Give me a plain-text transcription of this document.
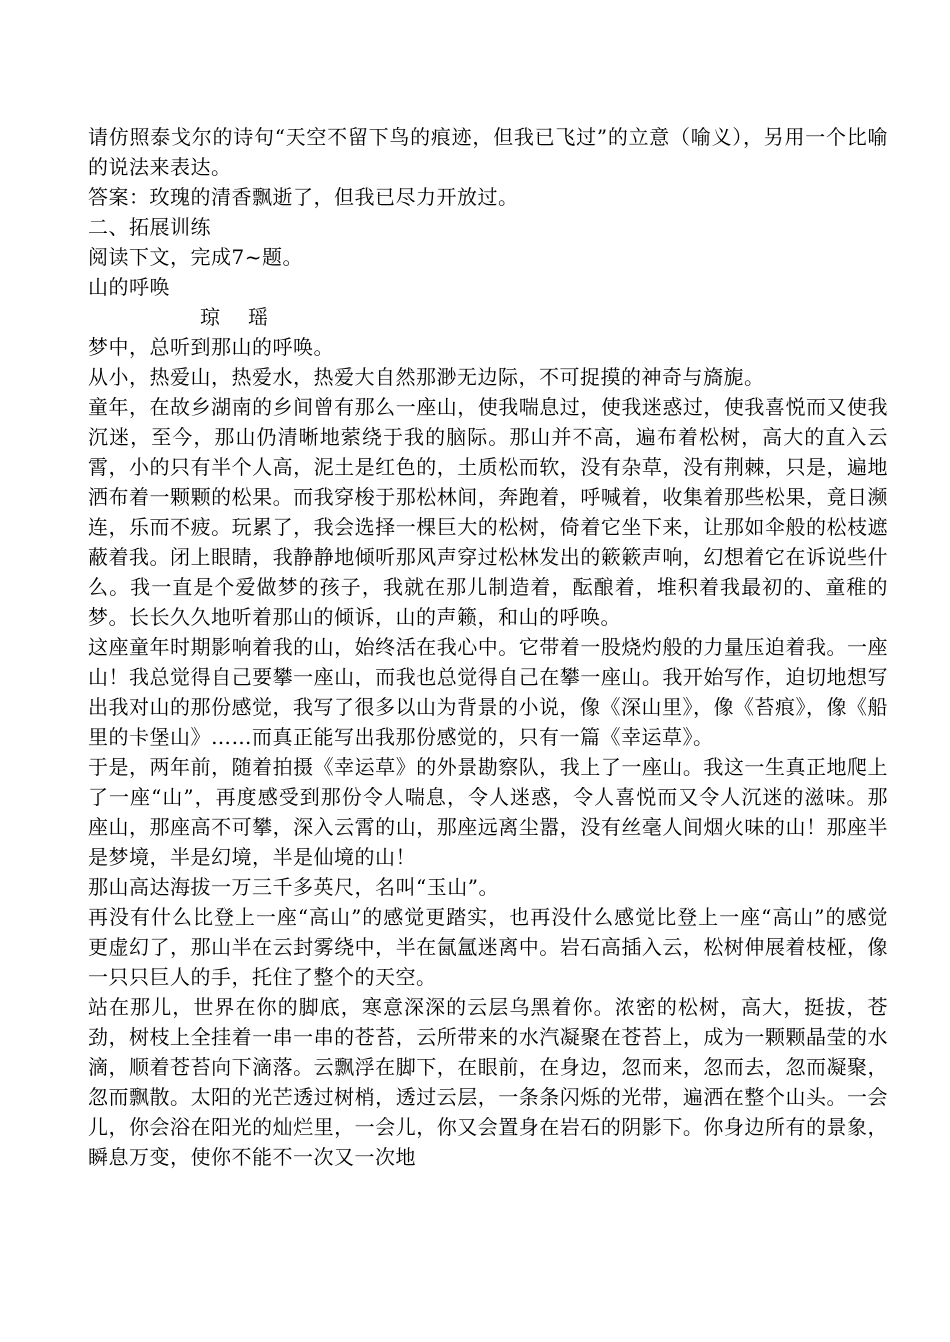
请仿照泰戈尔的诗句“天空不留下鸟的痕迹，但我已飞过”的立意（喻义），另用一个比喻的说法来表达。

答案：玫瑰的清香飘逝了，但我已尽力开放过。

二、拓展训练

阅读下文，完成7~题。

山的呼唤

琼　瑶

梦中，总听到那山的呼唤。

从小，热爱山，热爱水，热爱大自然那渺无边际，不可捉摸的神奇与旖旎。

童年，在故乡湖南的乡间曾有那么一座山，使我喘息过，使我迷惑过，使我喜悦而又使我沉迷，至今，那山仍清晰地萦绕于我的脑际。那山并不高，遍布着松树，高大的直入云霄，小的只有半个人高，泥土是红色的，土质松而软，没有杂草，没有荆棘，只是，遍地洒布着一颗颗的松果。而我穿梭于那松林间，奔跑着，呼喊着，收集着那些松果，竟日濒连，乐而不疲。玩累了，我会选择一棵巨大的松树，倚着它坐下来，让那如伞般的松枝遮蔽着我。闭上眼睛，我静静地倾听那风声穿过松林发出的簌簌声响，幻想着它在诉说些什么。我一直是个爱做梦的孩子，我就在那儿制造着，酝酿着，堆积着我最初的、童稚的梦。长长久久地听着那山的倾诉，山的声籁，和山的呼唤。

这座童年时期影响着我的山，始终活在我心中。它带着一股烧灼般的力量压迫着我。一座山！我总觉得自己要攀一座山，而我也总觉得自己在攀一座山。我开始写作，迫切地想写出我对山的那份感觉，我写了很多以山为背景的小说，像《深山里》，像《苔痕》，像《船里的卡堡山》……而真正能写出我那份感觉的，只有一篇《幸运草》。

于是，两年前，随着拍摄《幸运草》的外景勘察队，我上了一座山。我这一生真正地爬上了一座“山”，再度感受到那份令人喘息，令人迷惑，令人喜悦而又令人沉迷的滋味。那座山，那座高不可攀，深入云霄的山，那座远离尘嚣，没有丝毫人间烟火味的山！那座半是梦境，半是幻境，半是仙境的山！

那山高达海拔一万三千多英尺，名叫“玉山”。

再没有什么比登上一座“高山”的感觉更踏实，也再没什么感觉比登上一座“高山”的感觉更虚幻了，那山半在云封雾绕中，半在氤氲迷离中。岩石高插入云，松树伸展着枝桠，像一只只巨人的手，托住了整个的天空。

站在那儿，世界在你的脚底，寒意深深的云层乌黑着你。浓密的松树，高大，挺拔，苍劲，树枝上全挂着一串一串的苍苔，云所带来的水汽凝聚在苍苔上，成为一颗颗晶莹的水滴，顺着苍苔向下滴落。云飘浮在脚下，在眼前，在身边，忽而来，忽而去，忽而凝聚，忽而飘散。太阳的光芒透过树梢，透过云层，一条条闪烁的光带，遍洒在整个山头。一会儿，你会浴在阳光的灿烂里，一会儿，你又会置身在岩石的阴影下。你身边所有的景象，瞬息万变，使你不能不一次又一次地
